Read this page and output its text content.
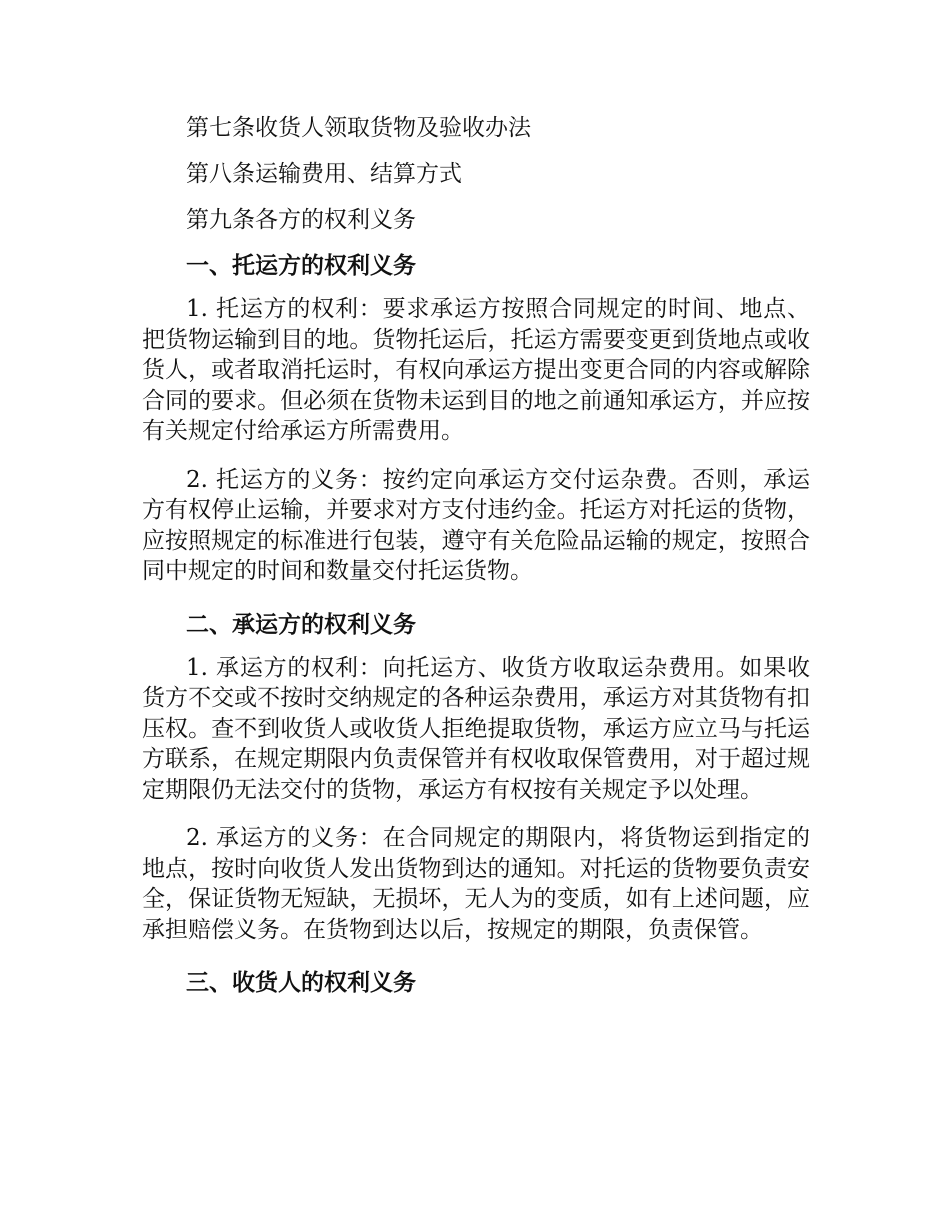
第七条收货人领取货物及验收办法
第八条运输费用、结算方式
第九条各方的权利义务
一、托运方的权利义务

1. 托运方的权利：要求承运方按照合同规定的时间、地点、把货物运输到目的地。货物托运后，托运方需要变更到货地点或收货人，或者取消托运时，有权向承运方提出变更合同的内容或解除合同的要求。但必须在货物未运到目的地之前通知承运方，并应按有关规定付给承运方所需费用。

2. 托运方的义务：按约定向承运方交付运杂费。否则，承运方有权停止运输，并要求对方支付违约金。托运方对托运的货物，应按照规定的标准进行包装，遵守有关危险品运输的规定，按照合同中规定的时间和数量交付托运货物。

二、承运方的权利义务

1. 承运方的权利：向托运方、收货方收取运杂费用。如果收货方不交或不按时交纳规定的各种运杂费用，承运方对其货物有扣压权。查不到收货人或收货人拒绝提取货物，承运方应立马与托运方联系，在规定期限内负责保管并有权收取保管费用，对于超过规定期限仍无法交付的货物，承运方有权按有关规定予以处理。

2. 承运方的义务：在合同规定的期限内，将货物运到指定的地点，按时向收货人发出货物到达的通知。对托运的货物要负责安全，保证货物无短缺，无损坏，无人为的变质，如有上述问题，应承担赔偿义务。在货物到达以后，按规定的期限，负责保管。

三、收货人的权利义务
